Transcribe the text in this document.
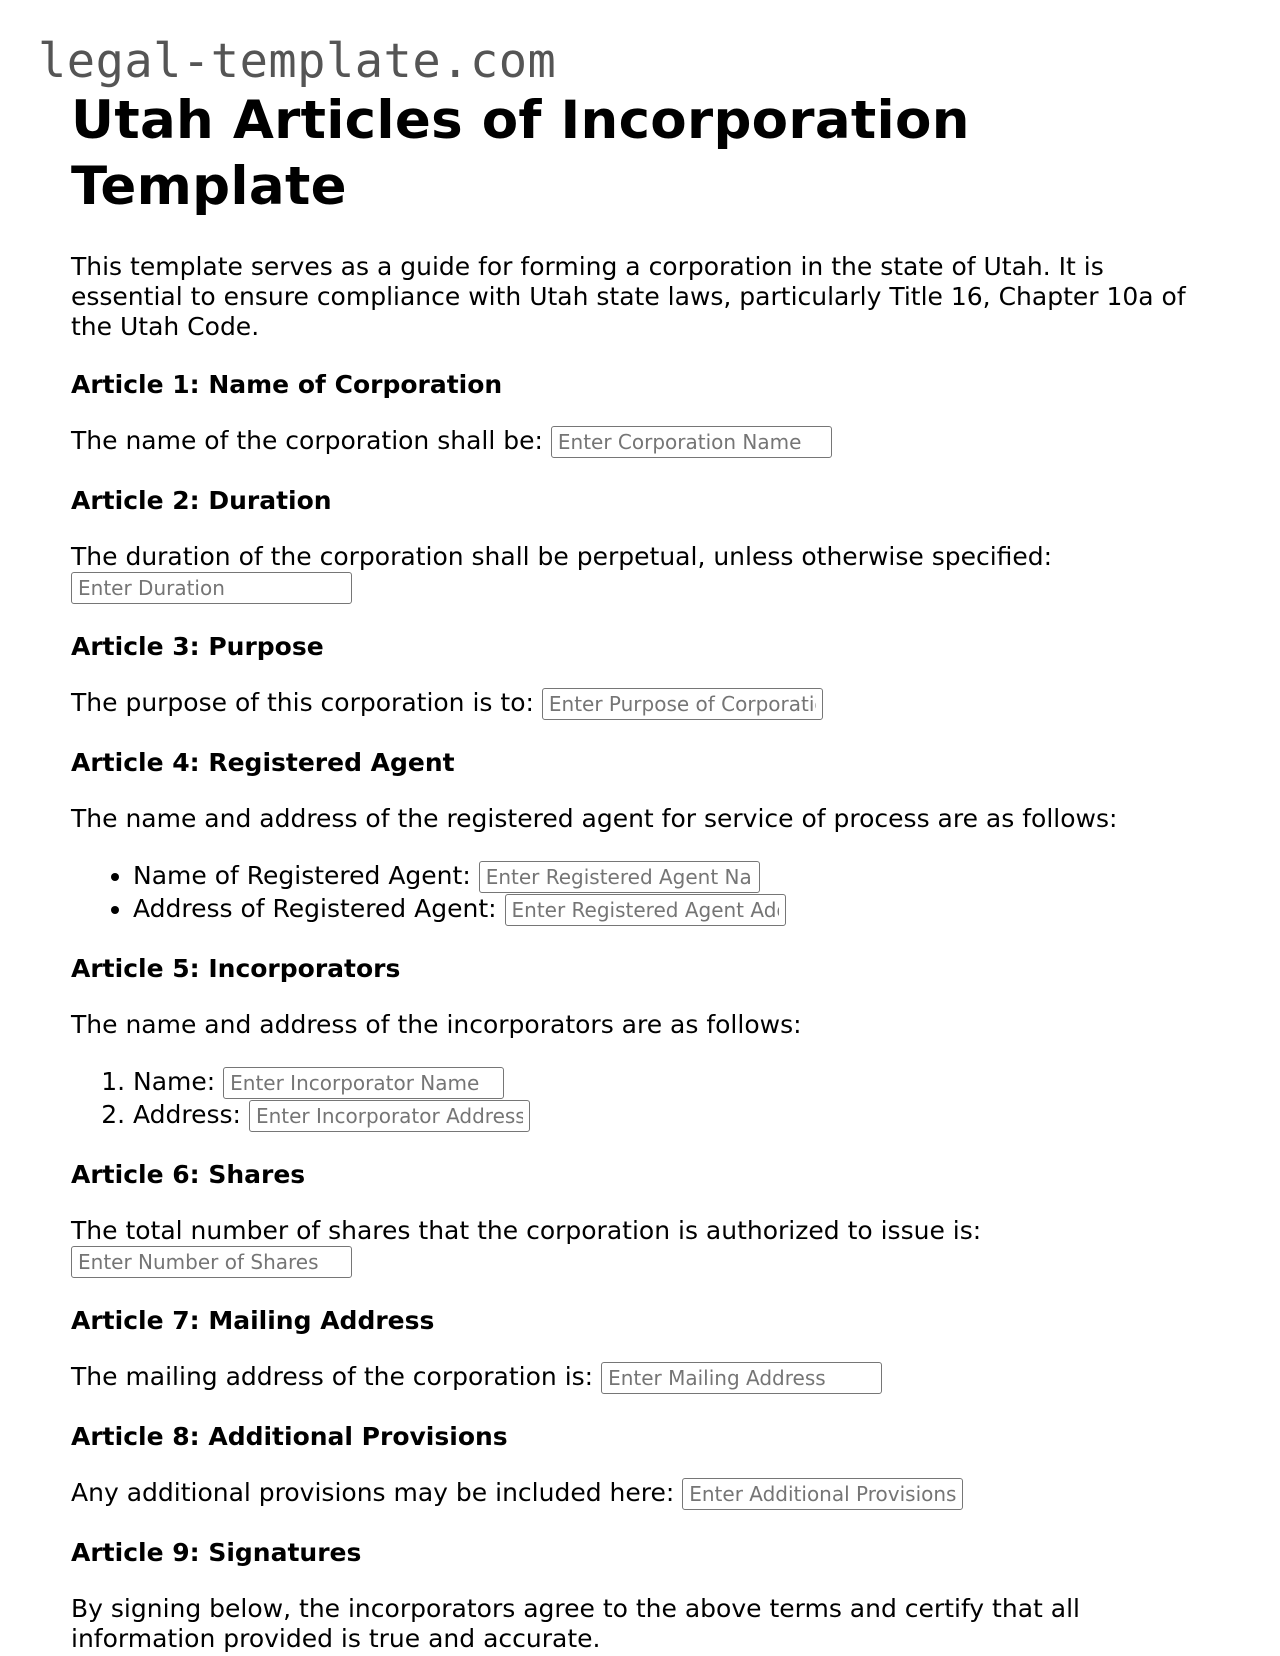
legal-template.com
Utah Articles of Incorporation Template

This template serves as a guide for forming a corporation in the state of Utah. It is essential to ensure compliance with Utah state laws, particularly Title 16, Chapter 10a of the Utah Code.

Article 1: Name of Corporation

The name of the corporation shall be: Enter Corporation Name

Article 2: Duration

The duration of the corporation shall be perpetual, unless otherwise specified: Enter Duration

Article 3: Purpose

The purpose of this corporation is to: Enter Purpose of Corporation

Article 4: Registered Agent

The name and address of the registered agent for service of process are as follows:

• Name of Registered Agent: Enter Registered Agent Name
• Address of Registered Agent: Enter Registered Agent Address
Article 5: Incorporators

The name and address of the incorporators are as follows:

1. Name: Enter Incorporator Name
2. Address: Enter Incorporator Address
Article 6: Shares

The total number of shares that the corporation is authorized to issue is: Enter Number of Shares

Article 7: Mailing Address

The mailing address of the corporation is: Enter Mailing Address

Article 8: Additional Provisions

Any additional provisions may be included here: Enter Additional Provisions

Article 9: Signatures

By signing below, the incorporators agree to the above terms and certify that all information provided is true and accurate.
